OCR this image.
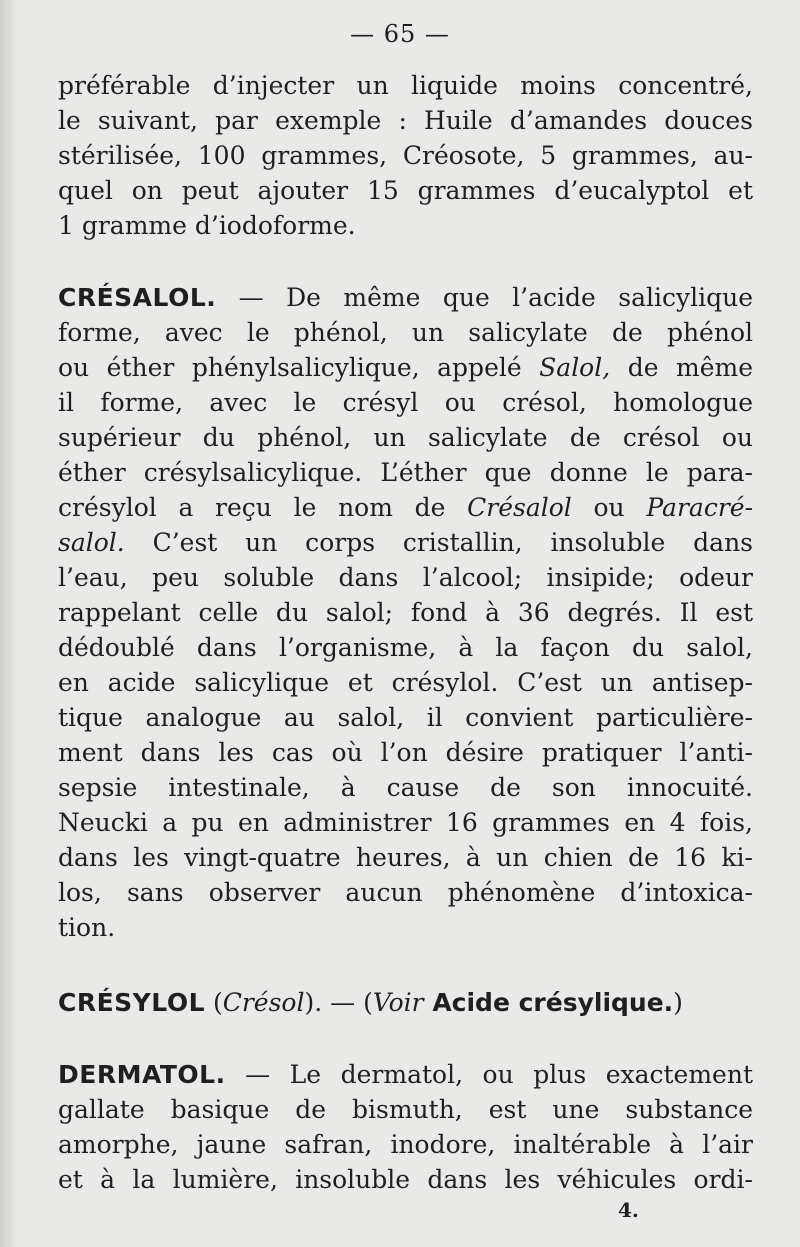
— 65 —
préférable d’injecter un liquide moins concentré,
le suivant, par exemple : Huile d’amandes douces
stérilisée, 100 grammes, Créosote, 5 grammes, au-
quel on peut ajouter 15 grammes d’eucalyptol et
1 gramme d’iodoforme.
CRÉSALOL. — De même que l’acide salicylique
forme, avec le phénol, un salicylate de phénol
ou éther phénylsalicylique, appelé Salol, de même
il forme, avec le crésyl ou crésol, homologue
supérieur du phénol, un salicylate de crésol ou
éther crésylsalicylique. L’éther que donne le para-
crésylol a reçu le nom de Crésalol ou Paracré-
salol. C’est un corps cristallin, insoluble dans
l’eau, peu soluble dans l’alcool; insipide; odeur
rappelant celle du salol; fond à 36 degrés. Il est
dédoublé dans l’organisme, à la façon du salol,
en acide salicylique et crésylol. C’est un antisep-
tique analogue au salol, il convient particulière-
ment dans les cas où l’on désire pratiquer l’anti-
sepsie intestinale, à cause de son innocuité.
Neucki a pu en administrer 16 grammes en 4 fois,
dans les vingt-quatre heures, à un chien de 16 ki-
los, sans observer aucun phénomène d’intoxica-
tion.
CRÉSYLOL (Crésol). — (Voir Acide crésylique.)
DERMATOL. — Le dermatol, ou plus exactement
gallate basique de bismuth, est une substance
amorphe, jaune safran, inodore, inaltérable à l’air
et à la lumière, insoluble dans les véhicules ordi-
4.
